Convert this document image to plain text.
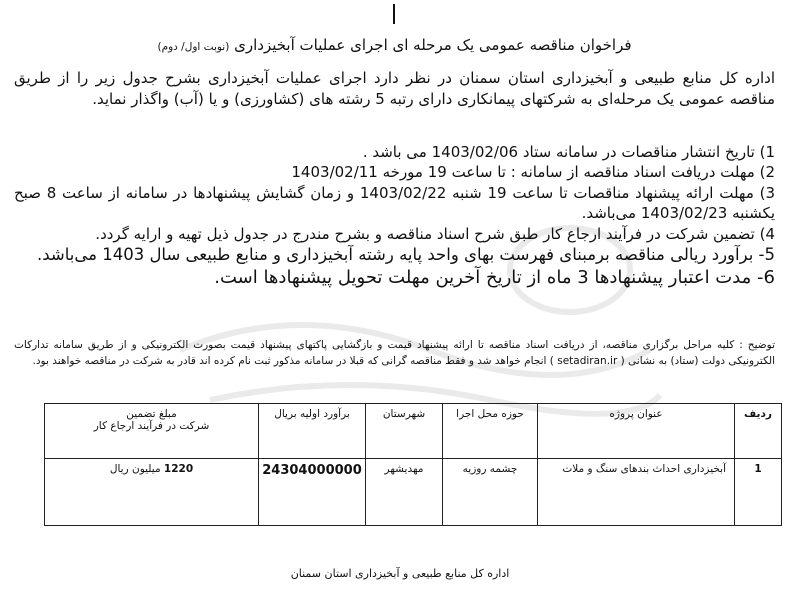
فراخوان مناقصه عمومی یک مرحله ای اجرای عملیات آبخیزداری (نوبت اول/ دوم)
اداره کل منابع طبیعی و آبخیزداری استان سمنان در نظر دارد اجرای عملیات آبخیزداری بشرح جدول زیر را از طریق مناقصه عمومی یک مرحله‌ای به شرکتهای پیمانکاری دارای رتبه 5 رشته های (کشاورزی) و یا (آب) واگذار نماید.

1) تاریخ انتشار مناقصات در سامانه ستاد 1403/02/06 می باشد .

2) مهلت دریافت اسناد مناقصه از سامانه : تا ساعت 19 مورخه 1403/02/11

3) مهلت ارائه پیشنهاد مناقصات تا ساعت 19 شنبه 1403/02/22 و زمان گشایش پیشنهادها در سامانه از ساعت 8 صبح یکشنبه 1403/02/23 می‌باشد.

4) تضمین شرکت در فرآیند ارجاع کار طبق شرح اسناد مناقصه و بشرح مندرج در جدول ذیل تهیه و ارایه گردد.

5- برآورد ریالی مناقصه برمبنای فهرست بهای واحد پایه رشته آبخیزداری و منابع طبیعی سال 1403 می‌باشد.

6- مدت اعتبار پیشنهادها 3 ماه از تاریخ آخرین مهلت تحویل پیشنهادها است.

توضیح : کلیه مراحل برگزاری مناقصه، از دریافت اسناد مناقصه تا ارائه پیشنهاد قیمت و بازگشایی پاکتهای پیشنهاد قیمت بصورت الکترونیکی و از طریق سامانه تدارکات الکترونیکی دولت (ستاد) به نشانی ( setadiran.ir ) انجام خواهد شد و فقط مناقصه گرانی که قبلا در سامانه مذکور ثبت نام کرده اند قادر به شرکت در مناقصه خواهند بود.
ردیف	عنوان پروژه	حوزه محل اجرا	شهرستان	برآورد اولیه بریال	مبلغ تضمین
شرکت در فرآیند ارجاع کار

1	آبخیزداری احداث بندهای سنگ و ملات	چشمه روزیه	مهدیشهر	24304000000	1220 میلیون ریال
اداره کل منابع طبیعی و آبخیزداری استان سمنان
